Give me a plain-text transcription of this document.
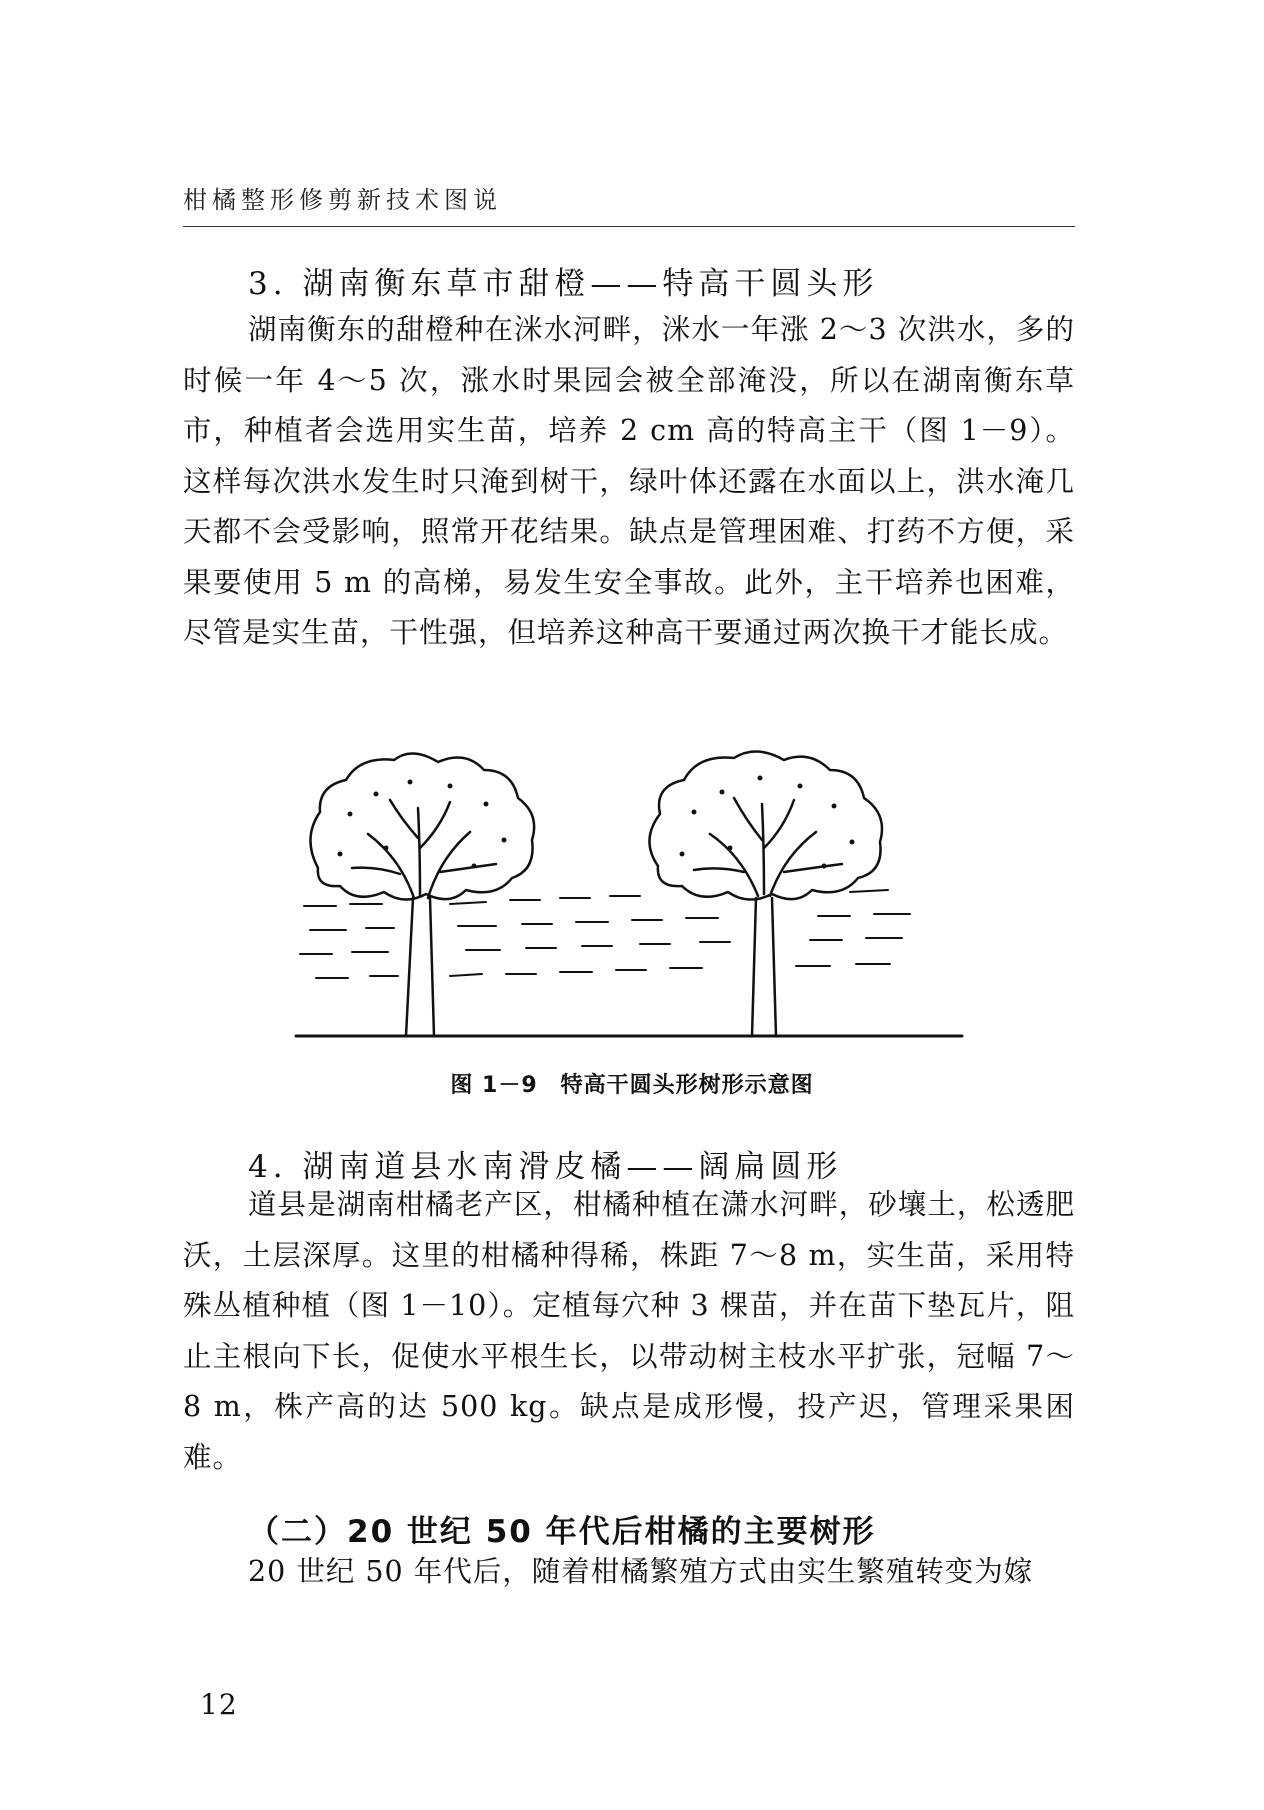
柑橘整形修剪新技术图说
3. 湖南衡东草市甜橙——特高干圆头形

湖南衡东的甜橙种在洣水河畔，洣水一年涨 2～3 次洪水，多的时候一年 4～5 次，涨水时果园会被全部淹没，所以在湖南衡东草市，种植者会选用实生苗，培养 2 cm 高的特高主干（图 1－9）。这样每次洪水发生时只淹到树干，绿叶体还露在水面以上，洪水淹几天都不会受影响，照常开花结果。缺点是管理困难、打药不方便，采果要使用 5 m 的高梯，易发生安全事故。此外，主干培养也困难，尽管是实生苗，干性强，但培养这种高干要通过两次换干才能长成。

图 1－9　特高干圆头形树形示意图
4. 湖南道县水南滑皮橘——阔扁圆形

道县是湖南柑橘老产区，柑橘种植在潇水河畔，砂壤土，松透肥沃，土层深厚。这里的柑橘种得稀，株距 7～8 m，实生苗，采用特殊丛植种植（图 1－10）。定植每穴种 3 棵苗，并在苗下垫瓦片，阻止主根向下长，促使水平根生长，以带动树主枝水平扩张，冠幅 7～8 m，株产高的达 500 kg。缺点是成形慢，投产迟，管理采果困难。

（二）20 世纪 50 年代后柑橘的主要树形

20 世纪 50 年代后，随着柑橘繁殖方式由实生繁殖转变为嫁

12
